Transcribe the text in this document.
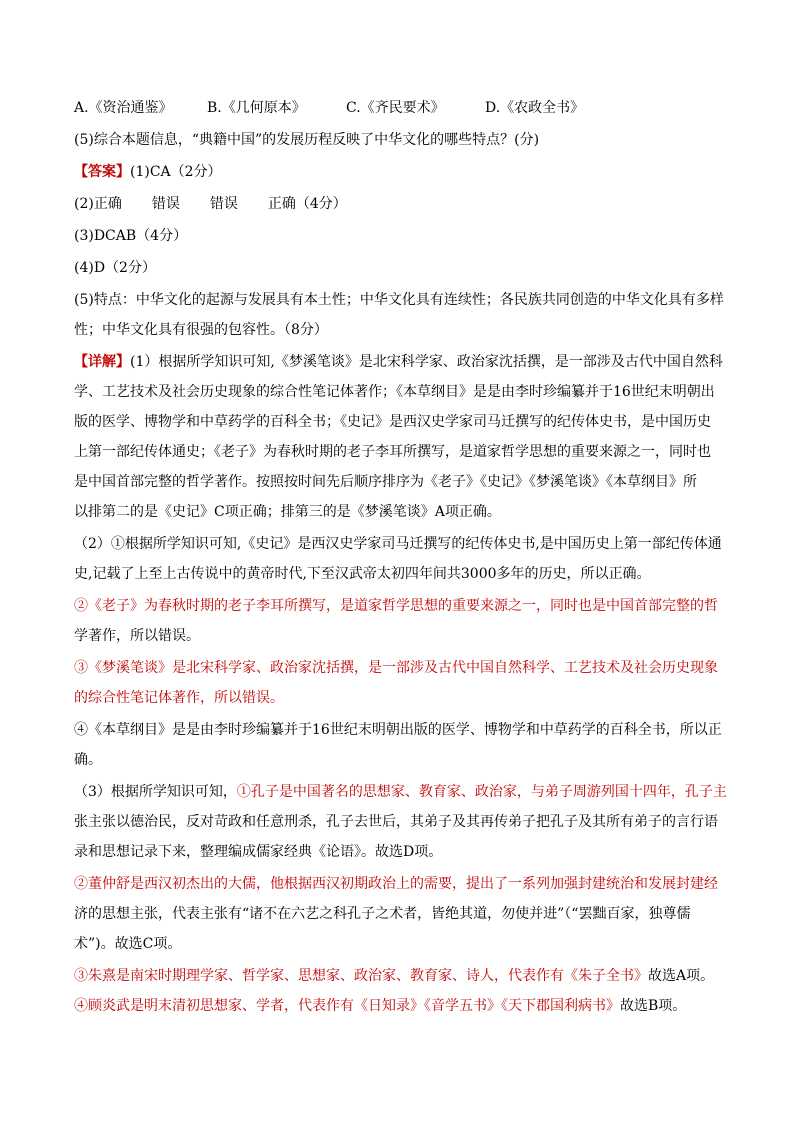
A.《资治通鉴》 B.《几何原本》	C.《齐民要术》	D.《农政全书》
(5)综合本题信息，“典籍中国”的发展历程反映了中华文化的哪些特点？(分)
【答案】(1)CA（2分）
(2)正确 错误 错误 正确（4分）
(3)DCAB（4分）
(4)D（2分）
(5)特点：中华文化的起源与发展具有本土性；中华文化具有连续性；各民族共同创造的中华文化具有多样
性；中华文化具有很强的包容性。（8分）
【详解】(1）根据所学知识可知,《梦溪笔谈》是北宋科学家、政治家沈括撰，是一部涉及古代中国自然科
学、工艺技术及社会历史现象的综合性笔记体著作；《本草纲目》是是由李时珍编纂并于16世纪末明朝出
版的医学、博物学和中草药学的百科全书；《史记》是西汉史学家司马迁撰写的纪传体史书，是中国历史
上第一部纪传体通史；《老子》为春秋时期的老子李耳所撰写，是道家哲学思想的重要来源之一，同时也
是中国首部完整的哲学著作。按照按时间先后顺序排序为《老子》《史记》《梦溪笔谈》《本草纲目》所
以排第二的是《史记》C项正确；排第三的是《梦溪笔谈》A项正确。
（2）①根据所学知识可知,《史记》是西汉史学家司马迁撰写的纪传体史书,是中国历史上第一部纪传体通
史,记载了上至上古传说中的黄帝时代,下至汉武帝太初四年间共3000多年的历史，所以正确。
②《老子》为春秋时期的老子李耳所撰写，是道家哲学思想的重要来源之一，同时也是中国首部完整的哲
学著作，所以错误。
③《梦溪笔谈》是北宋科学家、政治家沈括撰，是一部涉及古代中国自然科学、工艺技术及社会历史现象
的综合性笔记体著作，所以错误。
④《本草纲目》是是由李时珍编纂并于16世纪末明朝出版的医学、博物学和中草药学的百科全书，所以正
确。
（3）根据所学知识可知，①孔子是中国著名的思想家、教育家、政治家，与弟子周游列国十四年，孔子主
张主张以德治民，反对苛政和任意刑杀，孔子去世后，其弟子及其再传弟子把孔子及其所有弟子的言行语
录和思想记录下来，整理编成儒家经典《论语》。故选D项。
②董仲舒是西汉初杰出的大儒，他根据西汉初期政治上的需要，提出了一系列加强封建统治和发展封建经
济的思想主张，代表主张有“诸不在六艺之科孔子之术者，皆绝其道，勿使并进”（“罢黜百家，独尊儒
术”)。故选C项。
③朱熹是南宋时期理学家、哲学家、思想家、政治家、教育家、诗人，代表作有《朱子全书》故选A项。
④顾炎武是明末清初思想家、学者，代表作有《日知录》《音学五书》《天下郡国利病书》故选B项。
